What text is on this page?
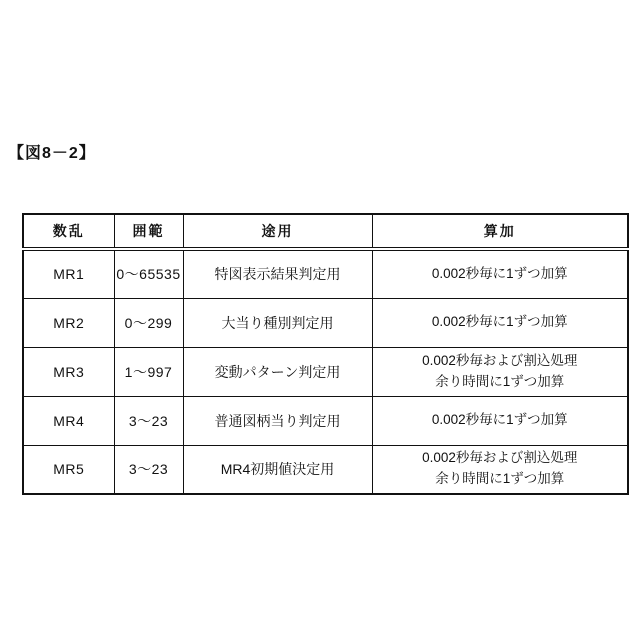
【図8－2】
数乱	囲範	途用	算加
MR1	0～65535	特図表示結果判定用	0.002秒毎に1ずつ加算

MR2	0～299	大当り種別判定用	0.002秒毎に1ずつ加算

MR3	1～997	変動パターン判定用	0.002秒毎および割込処理
余り時間に1ずつ加算

MR4	3～23	普通図柄当り判定用	0.002秒毎に1ずつ加算

MR5	3～23	MR4初期値決定用	0.002秒毎および割込処理
余り時間に1ずつ加算
